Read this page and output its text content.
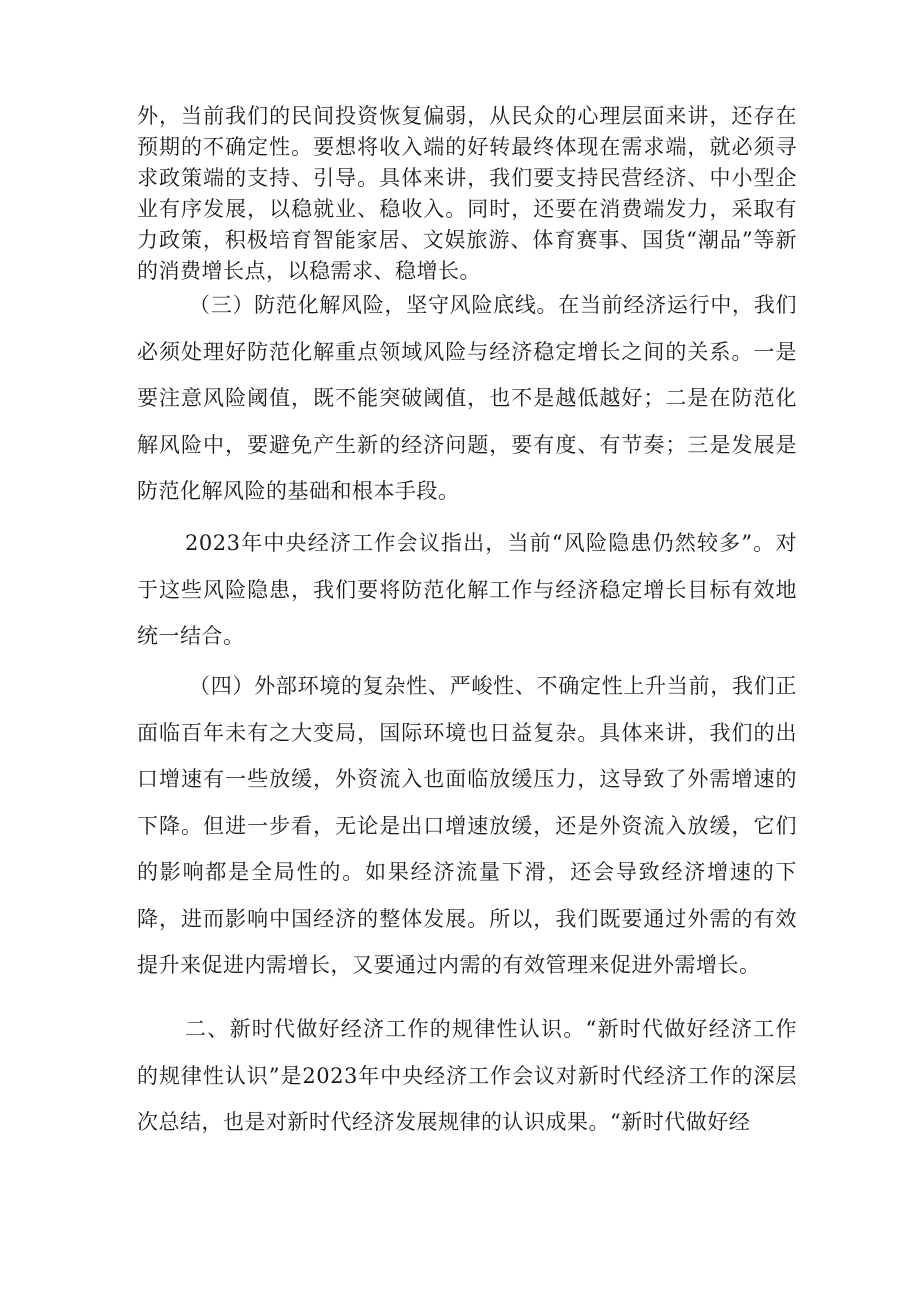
外，当前我们的民间投资恢复偏弱，从民众的心理层面来讲，还存在预期的不确定性。要想将收入端的好转最终体现在需求端，就必须寻求政策端的支持、引导。具体来讲，我们要支持民营经济、中小型企业有序发展，以稳就业、稳收入。同时，还要在消费端发力，采取有力政策，积极培育智能家居、文娱旅游、体育赛事、国货“潮品”等新的消费增长点，以稳需求、稳增长。

（三）防范化解风险，坚守风险底线。在当前经济运行中，我们必须处理好防范化解重点领域风险与经济稳定增长之间的关系。一是要注意风险阈值，既不能突破阈值，也不是越低越好；二是在防范化解风险中，要避免产生新的经济问题，要有度、有节奏；三是发展是防范化解风险的基础和根本手段。

2023年中央经济工作会议指出，当前“风险隐患仍然较多”。对于这些风险隐患，我们要将防范化解工作与经济稳定增长目标有效地统一结合。

（四）外部环境的复杂性、严峻性、不确定性上升当前，我们正面临百年未有之大变局，国际环境也日益复杂。具体来讲，我们的出口增速有一些放缓，外资流入也面临放缓压力，这导致了外需增速的下降。但进一步看，无论是出口增速放缓，还是外资流入放缓，它们的影响都是全局性的。如果经济流量下滑，还会导致经济增速的下降，进而影响中国经济的整体发展。所以，我们既要通过外需的有效提升来促进内需增长，又要通过内需的有效管理来促进外需增长。

二、新时代做好经济工作的规律性认识。“新时代做好经济工作的规律性认识”是2023年中央经济工作会议对新时代经济工作的深层次总结，也是对新时代经济发展规律的认识成果。“新时代做好经
